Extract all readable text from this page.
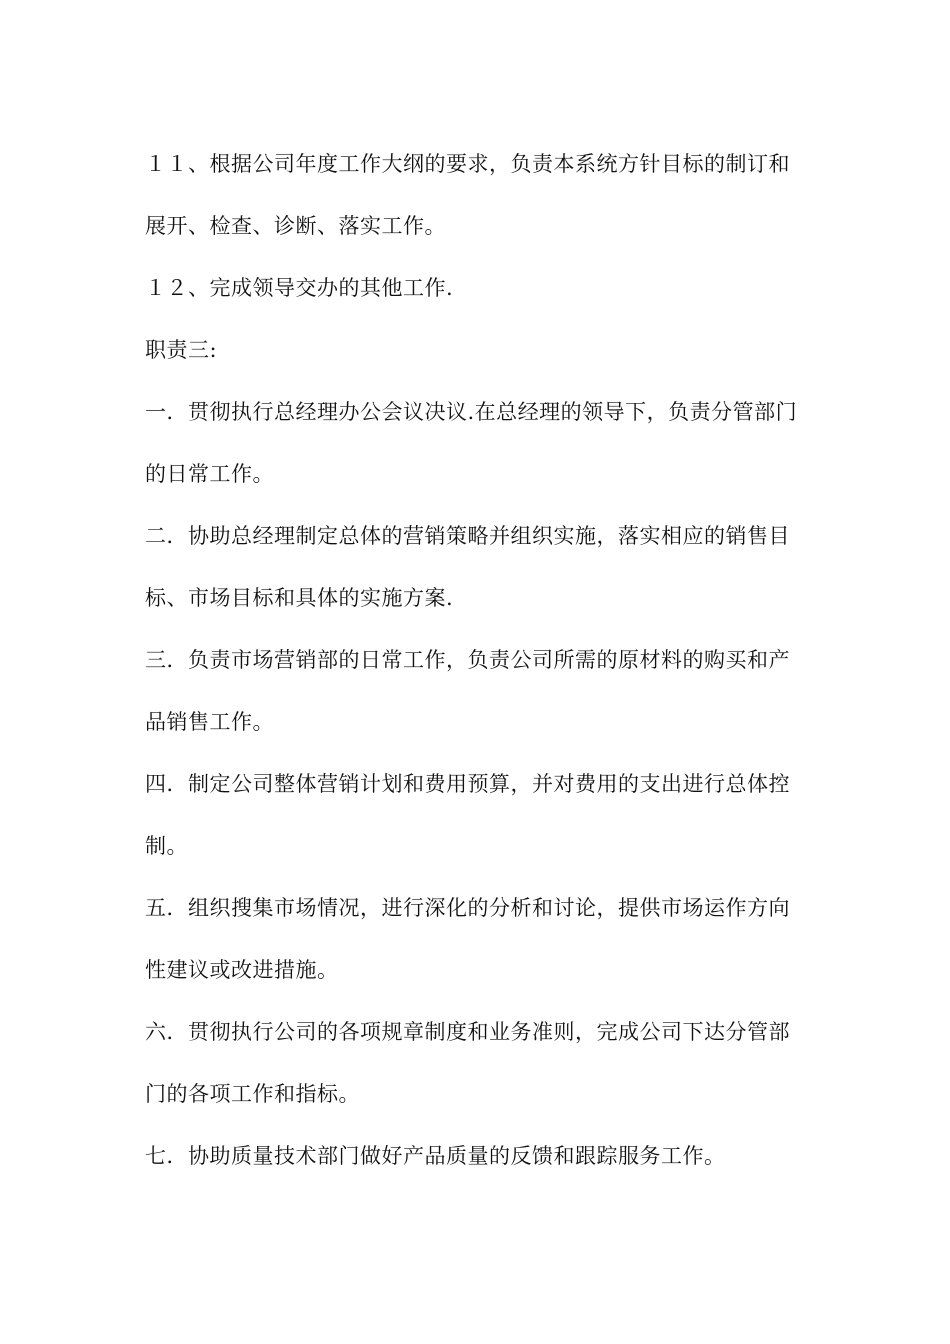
１１、根据公司年度工作大纲的要求，负责本系统方针目标的制订和展开、检查、诊断、落实工作。

１２、完成领导交办的其他工作.

职责三:

一．贯彻执行总经理办公会议决议.在总经理的领导下，负责分管部门的日常工作。

二．协助总经理制定总体的营销策略并组织实施，落实相应的销售目标、市场目标和具体的实施方案.

三．负责市场营销部的日常工作，负责公司所需的原材料的购买和产品销售工作。

四．制定公司整体营销计划和费用预算，并对费用的支出进行总体控制。

五．组织搜集市场情况，进行深化的分析和讨论，提供市场运作方向性建议或改进措施。

六．贯彻执行公司的各项规章制度和业务准则，完成公司下达分管部门的各项工作和指标。

七．协助质量技术部门做好产品质量的反馈和跟踪服务工作。
